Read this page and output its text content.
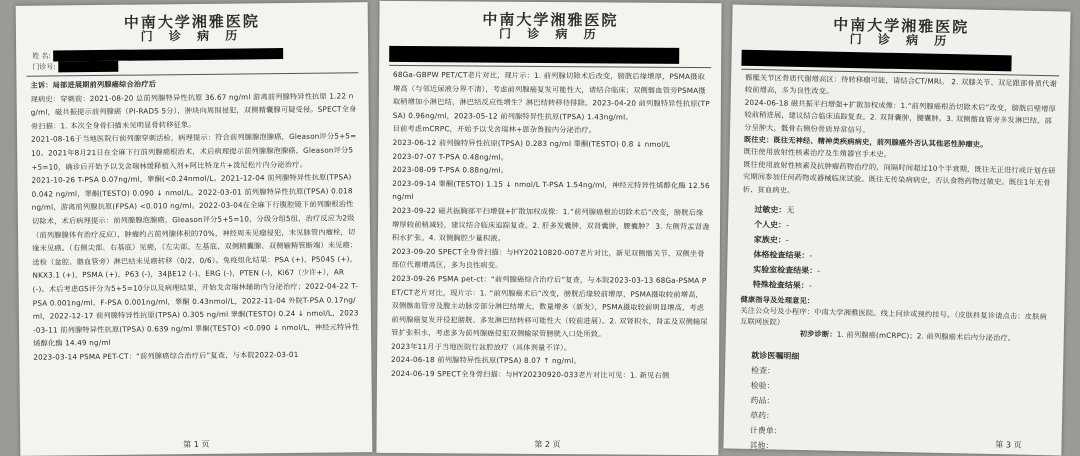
中南大学湘雅医院
门 诊 病 历
姓 名:
门诊号:

主诉：局部进展期前列腺癌综合治疗后

现病史：穿刺前：2021-08-20 总前列腺特异性抗原 36.67 ng/ml 游离前列腺特异性抗原 1.22 ng/ml，磁共振提示前列腺癌（PI-RADS 5分），肿块向周围侵犯，双侧精囊腺可疑受侵。SPECT全身骨扫描：1. 本次全身骨扫描未见明显骨转移征象。

2021-08-16于当地医院行前列腺穿刺活检，病理提示：符合前列腺腺泡腺癌，Gleason评分5+5=10。2021年8月21日在全麻下行前列腺癌根治术，术后病理提示前列腺腺泡腺癌，Gleason评分5+5=10，确诊后开始予以戈舍瑞林缓释植入剂+阿比特龙片+泼尼松片内分泌治疗。

2021-10-26 T-PSA 0.07ng/ml，睾酮(<0.24nmol/L。2021-12-04 前列腺特异性抗原(TPSA) 0.042 ng/ml，睾酮(TESTO) 0.090 ↓ nmol/L。2022-03-01 前列腺特异性抗原(TPSA) 0.018 ng/ml，游离前列腺抗原(FPSA) <0.010 ng/ml。2022-03-04在全麻下行腹腔镜下前列腺根治性切除术，术后病理提示：前列腺腺泡腺癌，Gleason评分5+5=10，分级分组5组，治疗反应为2级（前列腺腺体有治疗反应），肿瘤约占前列腺体积的70%，神经周未见瘤侵犯，未见脉管内瘤栓，切缘未见癌。（右侧尖部、右基底）见癌，（左尖部、左基底、双侧精囊腺、双侧输精管断端）未见癌；送检（盆腔、髂血管旁）淋巴结未见癌转移（0/2，0/6）。免疫组化结果：PSA (+)，P504S (+)，NKX3.1 (+)，PSMA (+)，P63 (-)，34βE12 (-)，ERG (-)，PTEN (-)，Ki67（少许+），AR (-)。术后考虑GS评分为5+5=10分以及病理结果，开始戈舍瑞林辅助内分泌治疗；2022-04-22 T-PSA 0.001ng/ml，F-PSA 0.001ng/ml，睾酮 0.43nmol/L，2022-11-04 外院T-PSA 0.17ng/ml，2022-12-17 前列腺特异性抗原(TPSA) 0.305 ng/ml 睾酮(TESTO) 0.24 ↓ nmol/L，2023-03-11 前列腺特异性抗原(TPSA) 0.639 ng/ml 睾酮(TESTO) <0.090 ↓ nmol/L，神经元特异性烯醇化酶 14.49 ng/ml

2023-03-14 PSMA PET-CT：“前列腺癌综合治疗后”复查，与本院2022-03-01

第 1 页
中南大学湘雅医院
门 诊 病 历

68Ga-GBPW PET/CT老片对比，现片示：1. 前列腺切除术后改变，膀胱后缘增厚，PSMA摄取增高（与邻近尿液分界不清），考虑前列腺癌复发可能性大，请结合临床；双侧髂血管旁PSMA摄取稍增加小淋巴结，淋巴结反应性增生？淋巴结转移待排除。2023-04-20 前列腺特异性抗原(TPSA) 0.96ng/ml，2023-05-12 前列腺特异性抗原(TPSA) 1.43ng/ml。

目前考虑mCRPC，开始予以戈舍瑞林+恩杂鲁胺内分泌治疗。

2023-06-12 前列腺特异性抗原(TPSA) 0.283 ng/ml 睾酮(TESTO) 0.8 ↓ nmol/L

2023-07-07 T-PSA 0.48ng/ml。

2023-08-09 T-PSA 0.88ng/ml。

2023-09-14 睾酮(TESTO) 1.15 ↓ nmol/L T-PSA 1.54ng/ml，神经元特异性烯醇化酶 12.56 ng/ml

2023-09-22 磁共振胸部平扫增强+扩散加权成像：1.“前列腺癌根治切除术后”改变，膀胱后缘增厚较前稍减轻，建议结合临床追踪复查。2. 肝多发囊肿，双肾囊肿，腰囊肿？ 3. 左侧背盂肾盏积水扩张。4. 双侧胸腔少量积液。

2023-09-20 SPECT全身骨扫描：与HY20210820-007老片对比，新见双侧髂关节、双侧坐骨部位代谢增高区，多为良性病变。

2023-09-26 PSMA pet-ct：“前列腺癌综合治疗后”复查，与本院2023-03-13 68Ga-PSMA PET/CT老片对比，现片示：1. “前列腺癌术后”改变，膀胱后缘较前增厚，PSMA摄取较前增高，双侧髂血管旁及腹主动脉旁部分淋巴结增大，数量增多（新发），PSMA摄取较前明显增高，考虑前列腺癌复发并侵犯膀胱、多发淋巴结转移可能性大（较前进展）。2. 双肾积水，肾盂及双侧输尿管扩张积水，考虑多为前列腺癌侵犯双侧输尿管膀胱入口处所致。

2023年11月于当地医院行盆腔放疗（具体剂量不详）。

2024-06-18 前列腺特异性抗原(TPSA) 8.07 ↑ ng/ml。

2024-06-19 SPECT全身骨扫描：与HY20230920-033老片对比可见：1. 新见右侧

第 2 页
中南大学湘雅医院
门 诊 病 历

髂骶关节区骨质代谢增高区：待转移瘤可能，请结合CT/MRI。 2. 双膝关节、双足跟部骨质代谢较前增高，多为良性改变。

2024-06-18 磁共振平扫增强+扩散加权成像：1.“前列腺癌根治切除术后”改变，膀胱后壁增厚较前稍进展，建议结合临床追踪复查。2. 双肾囊肿，腰囊肿。3. 双侧髂血管旁多发淋巴结，部分呈肿大，骶骨右侧份骨质异常信号。

既往史：既往无神经、精神类疾病病史，前列腺癌外否认其他恶性肿瘤史。

既往使用放射性核素治疗及生殖器官手术史。

既往使用放射性核素及抗肿瘤药物治疗的，间隔时间超过10个半衰期，既往无正进行或计划在研究期间参加任何药物或器械临床试验。既往无传染病病史，否认食物药物过敏史。既往1年无骨折、贫血病史。

过敏史：无
个人史：-
家族史：-
体格检查结果：-
实验室检查结果：-
特殊检查结果：-

健康指导及处理意见：

关注公众号及小程序：中南大学湘雅医院。线上问诊或预约挂号。（皮肤科复诊请点击：皮肤病互联网医院）

初步诊断：1. 前列腺癌(mCRPC)；2. 前列腺癌术后内分泌治疗。

就诊医嘱明细
检查：
检验：
药品：
草药：
计费单：
其他：	第 3 页
